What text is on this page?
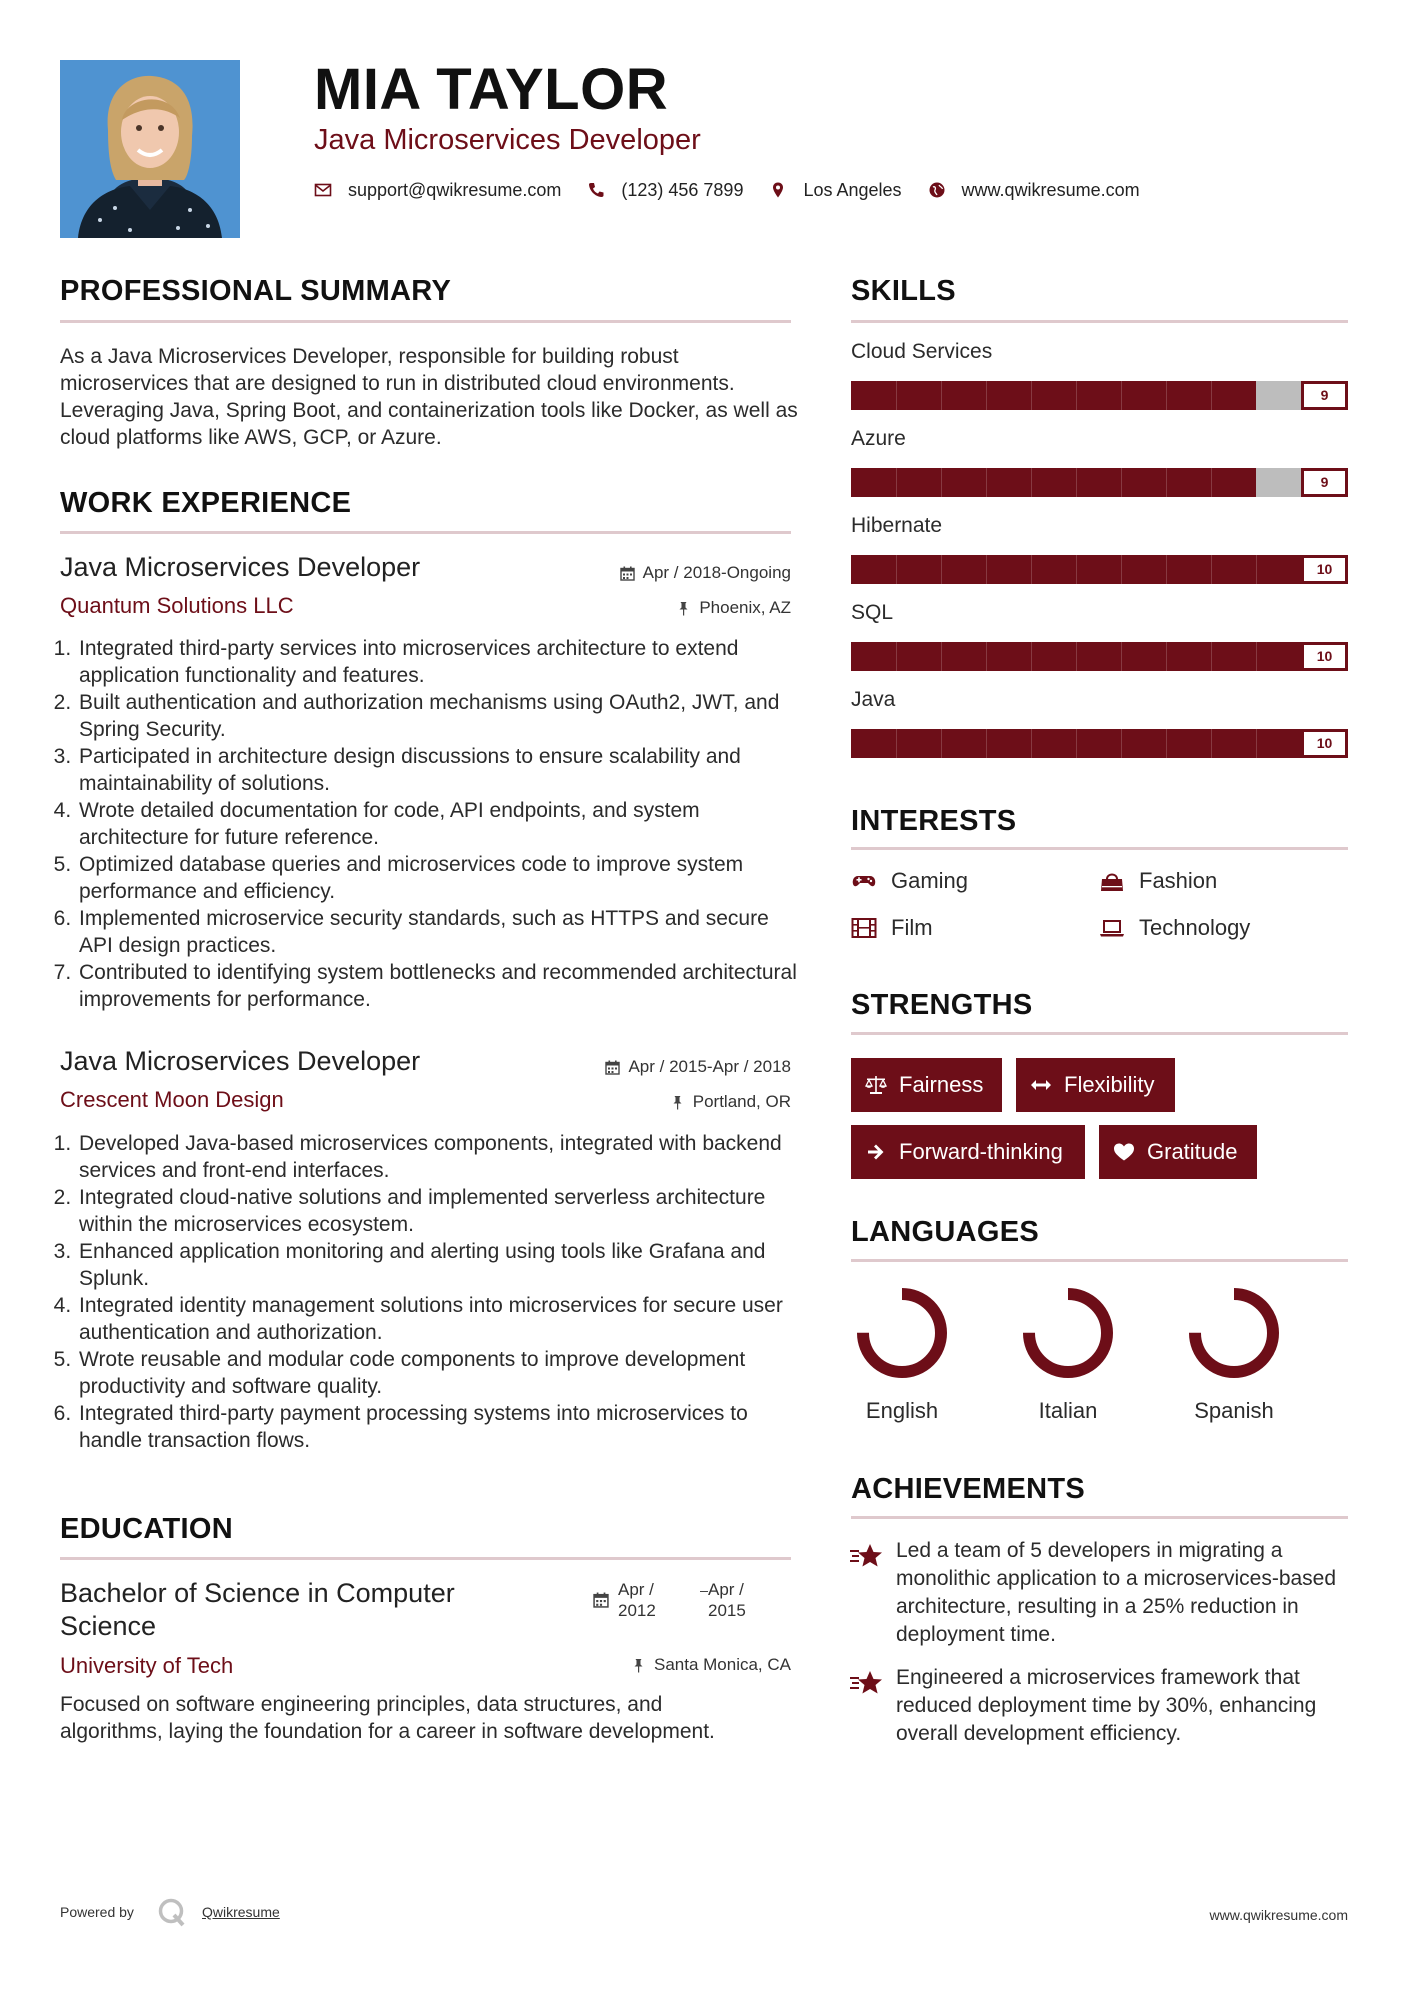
MIA TAYLOR
Java Microservices Developer
support@qwikresume.com	(123) 456 7899	Los Angeles	www.qwikresume.com
PROFESSIONAL SUMMARY
As a Java Microservices Developer, responsible for building robust microservices that are designed to run in distributed cloud environments. Leveraging Java, Spring Boot, and containerization tools like Docker, as well as cloud platforms like AWS, GCP, or Azure.
WORK EXPERIENCE
Java Microservices Developer	Apr / 2018-Ongoing
Quantum Solutions LLC	Phoenix, AZ
1. Integrated third-party services into microservices architecture to extend application functionality and features.
2. Built authentication and authorization mechanisms using OAuth2, JWT, and Spring Security.
3. Participated in architecture design discussions to ensure scalability and maintainability of solutions.
4. Wrote detailed documentation for code, API endpoints, and system architecture for future reference.
5. Optimized database queries and microservices code to improve system performance and efficiency.
6. Implemented microservice security standards, such as HTTPS and secure API design practices.
7. Contributed to identifying system bottlenecks and recommended architectural improvements for performance.
Java Microservices Developer	Apr / 2015-Apr / 2018
Crescent Moon Design	Portland, OR
1. Developed Java-based microservices components, integrated with backend services and front-end interfaces.
2. Integrated cloud-native solutions and implemented serverless architecture within the microservices ecosystem.
3. Enhanced application monitoring and alerting using tools like Grafana and Splunk.
4. Integrated identity management solutions into microservices for secure user authentication and authorization.
5. Wrote reusable and modular code components to improve development productivity and software quality.
6. Integrated third-party payment processing systems into microservices to handle transaction flows.
EDUCATION
Bachelor of Science in Computer Science
Apr / 2012
Apr / 2015
University of Tech	Santa Monica, CA
Focused on software engineering principles, data structures, and algorithms, laying the foundation for a career in software development.
SKILLS
Cloud Services
9
Azure
9
Hibernate
10
SQL
10
Java
10
INTERESTS
Gaming	Fashion
Film	Technology
STRENGTHS
Fairness	Flexibility
Forward-thinking	Gratitude
LANGUAGES
English	Italian	Spanish
ACHIEVEMENTS
Led a team of 5 developers in migrating a monolithic application to a microservices-based architecture, resulting in a 25% reduction in deployment time.
Engineered a microservices framework that reduced deployment time by 30%, enhancing overall development efficiency.
Powered by	Qwikresume	www.qwikresume.com
